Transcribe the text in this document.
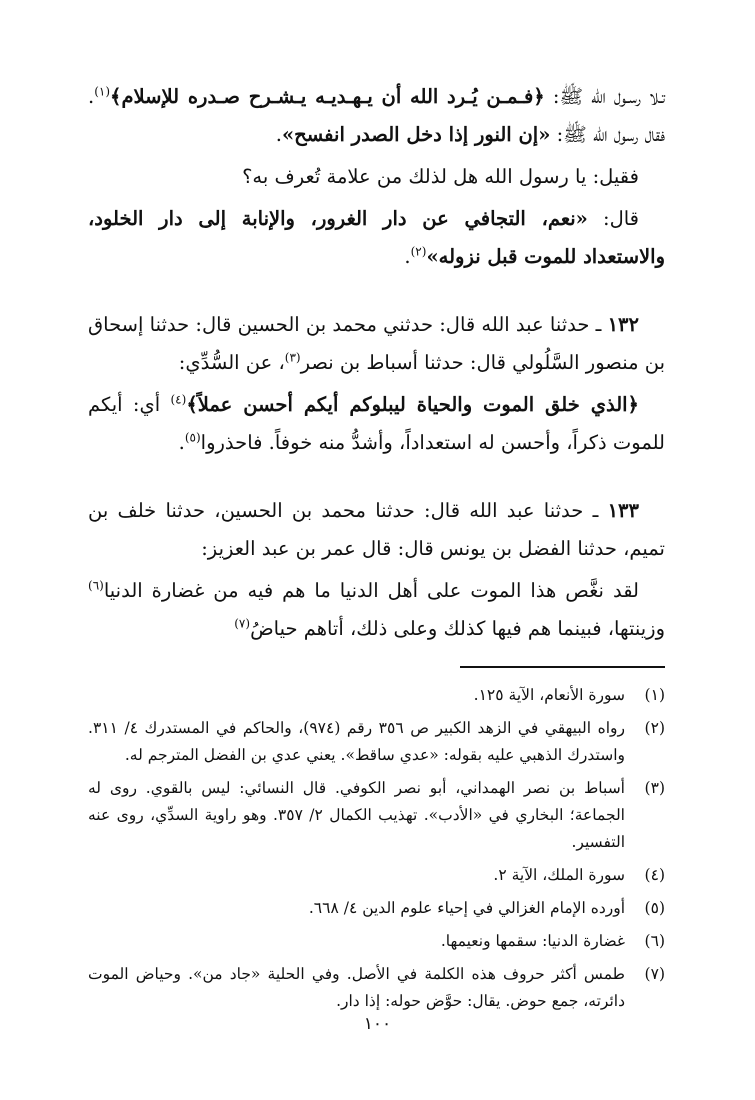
تـلا رسـول الله ﷺ: ﴿فـمـن يُـرد الله أن يـهـديـه يـشـرح صـدره للإسلام﴾$^{(١)}$. فقال رسول الله ﷺ: «إن النور إذا دخل الصدر انفسح».

فقيل: يا رسول الله هل لذلك من علامة تُعرف به؟

قال: «نعم، التجافي عن دار الغرور، والإنابة إلى دار الخلود، والاستعداد للموت قبل نزوله»$^{(٢)}$.

١٣٢ ـ حدثنا عبد الله قال: حدثني محمد بن الحسين قال: حدثنا إسحاق بن منصور السَّلُولي قال: حدثنا أسباط بن نصر$^{(٣)}$، عن السُّدِّي:

﴿الذي خلق الموت والحياة ليبلوكم أيكم أحسن عملاً﴾$^{(٤)}$ أي: أيكم للموت ذكراً، وأحسن له استعداداً، وأشدُّ منه خوفاً. فاحذروا$^{(٥)}$.

١٣٣ ـ حدثنا عبد الله قال: حدثنا محمد بن الحسين، حدثنا خلف بن تميم، حدثنا الفضل بن يونس قال: قال عمر بن عبد العزيز:

لقد نغَّص هذا الموت على أهل الدنيا ما هم فيه من غضارة الدنيا$^{(٦)}$ وزينتها، فبينما هم فيها كذلك وعلى ذلك، أتاهم حياضُ$^{(٧)}$

(١)
سورة الأنعام، الآية ١٢٥.
(٢)
رواه البيهقي في الزهد الكبير ص ٣٥٦ رقم (٩٧٤)، والحاكم في المستدرك ٤/ ٣١١. واستدرك الذهبي عليه بقوله: «عدي ساقط». يعني عدي بن الفضل المترجم له.
(٣)
أسباط بن نصر الهمداني، أبو نصر الكوفي. قال النسائي: ليس بالقوي. روى له الجماعة؛ البخاري في «الأدب». تهذيب الكمال ٢/ ٣٥٧. وهو راوية السدِّي، روى عنه التفسير.
(٤)
سورة الملك، الآية ٢.
(٥)
أورده الإمام الغزالي في إحياء علوم الدين ٤/ ٦٦٨.
(٦)
غضارة الدنيا: سقمها ونعيمها.
(٧)
طمس أكثر حروف هذه الكلمة في الأصل. وفي الحلية «جاد من». وحياض الموت دائرته، جمع حوض. يقال: حوَّض حوله: إذا دار.
١٠٠
